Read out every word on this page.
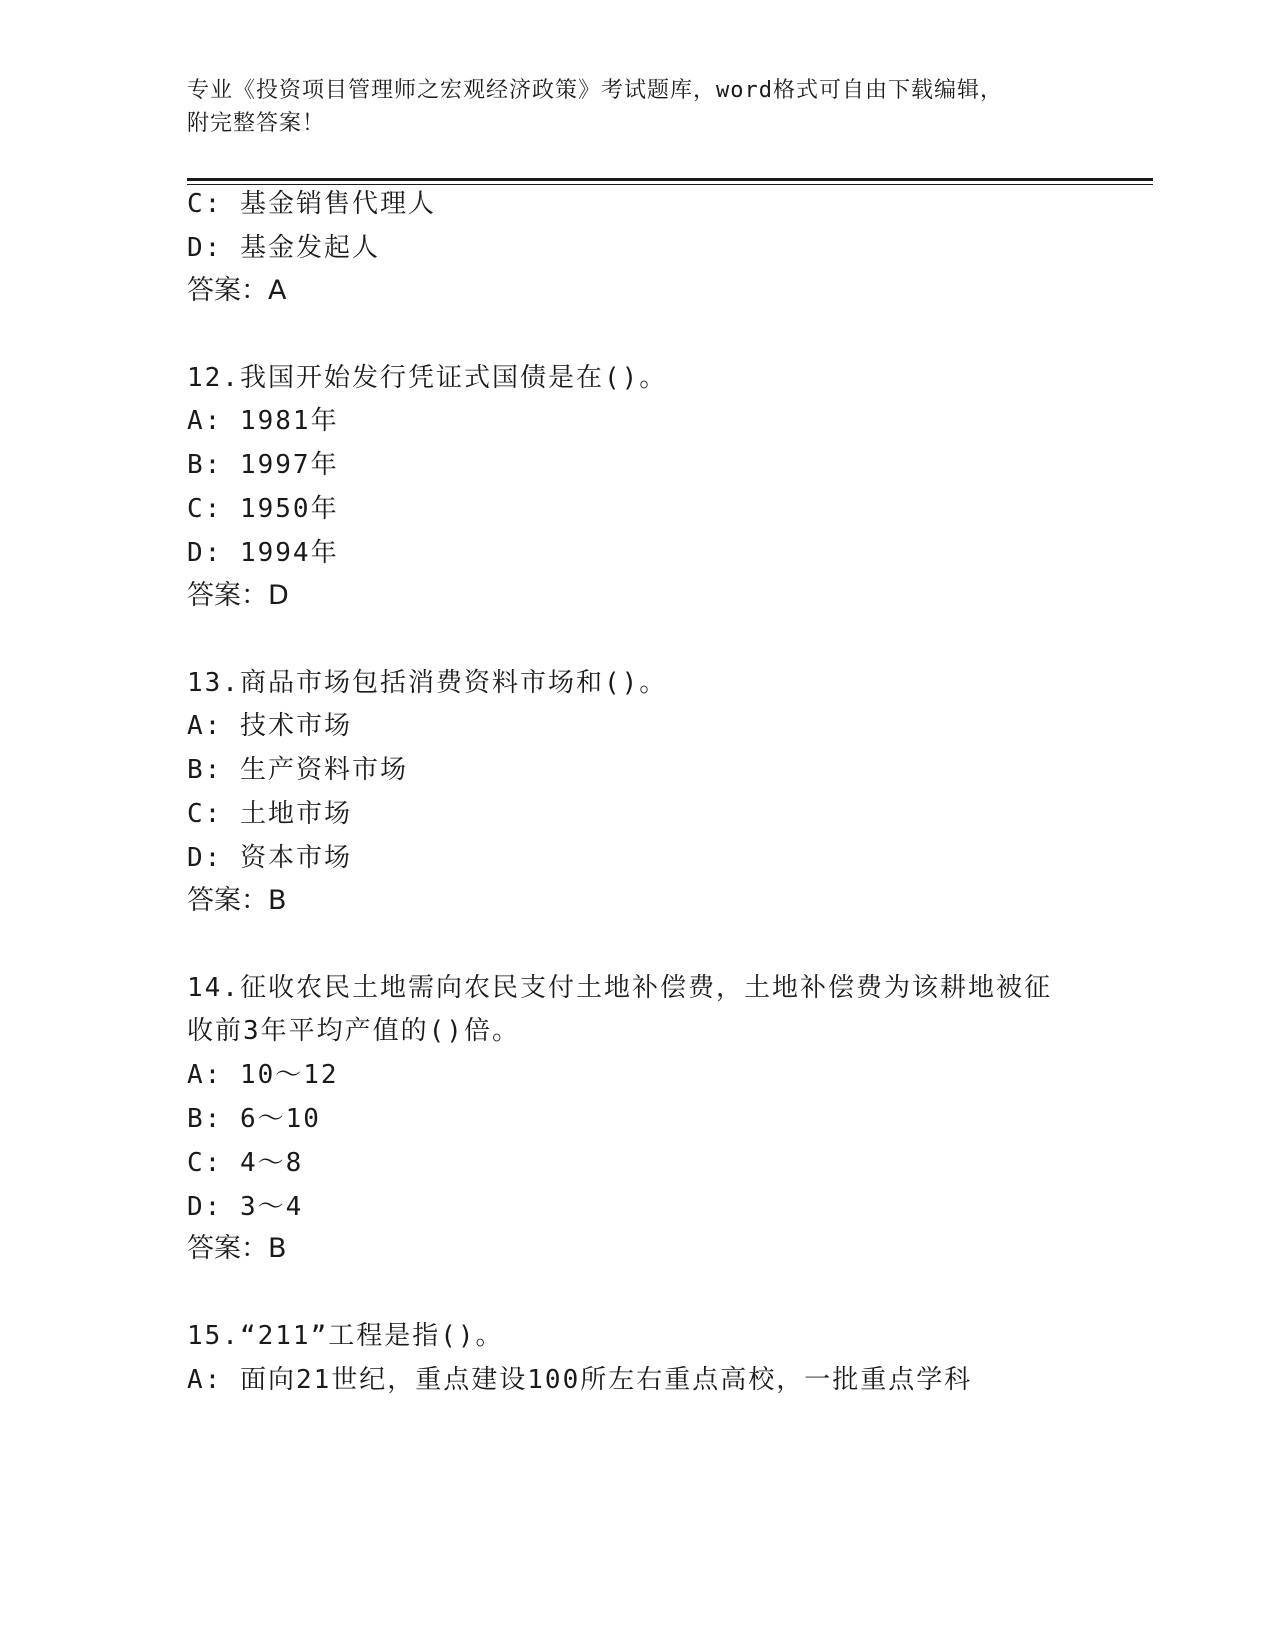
专业《投资项目管理师之宏观经济政策》考试题库，word格式可自由下载编辑，
附完整答案！
C: 基金销售代理人
D: 基金发起人
答案：A
12.我国开始发行凭证式国债是在()。
A: 1981年
B: 1997年
C: 1950年
D: 1994年
答案：D
13.商品市场包括消费资料市场和()。
A: 技术市场
B: 生产资料市场
C: 土地市场
D: 资本市场
答案：B
14.征收农民土地需向农民支付土地补偿费，土地补偿费为该耕地被征
收前3年平均产值的()倍。
A: 10～12
B: 6～10
C: 4～8
D: 3～4
答案：B
15.“211”工程是指()。
A: 面向21世纪，重点建设100所左右重点高校，一批重点学科
